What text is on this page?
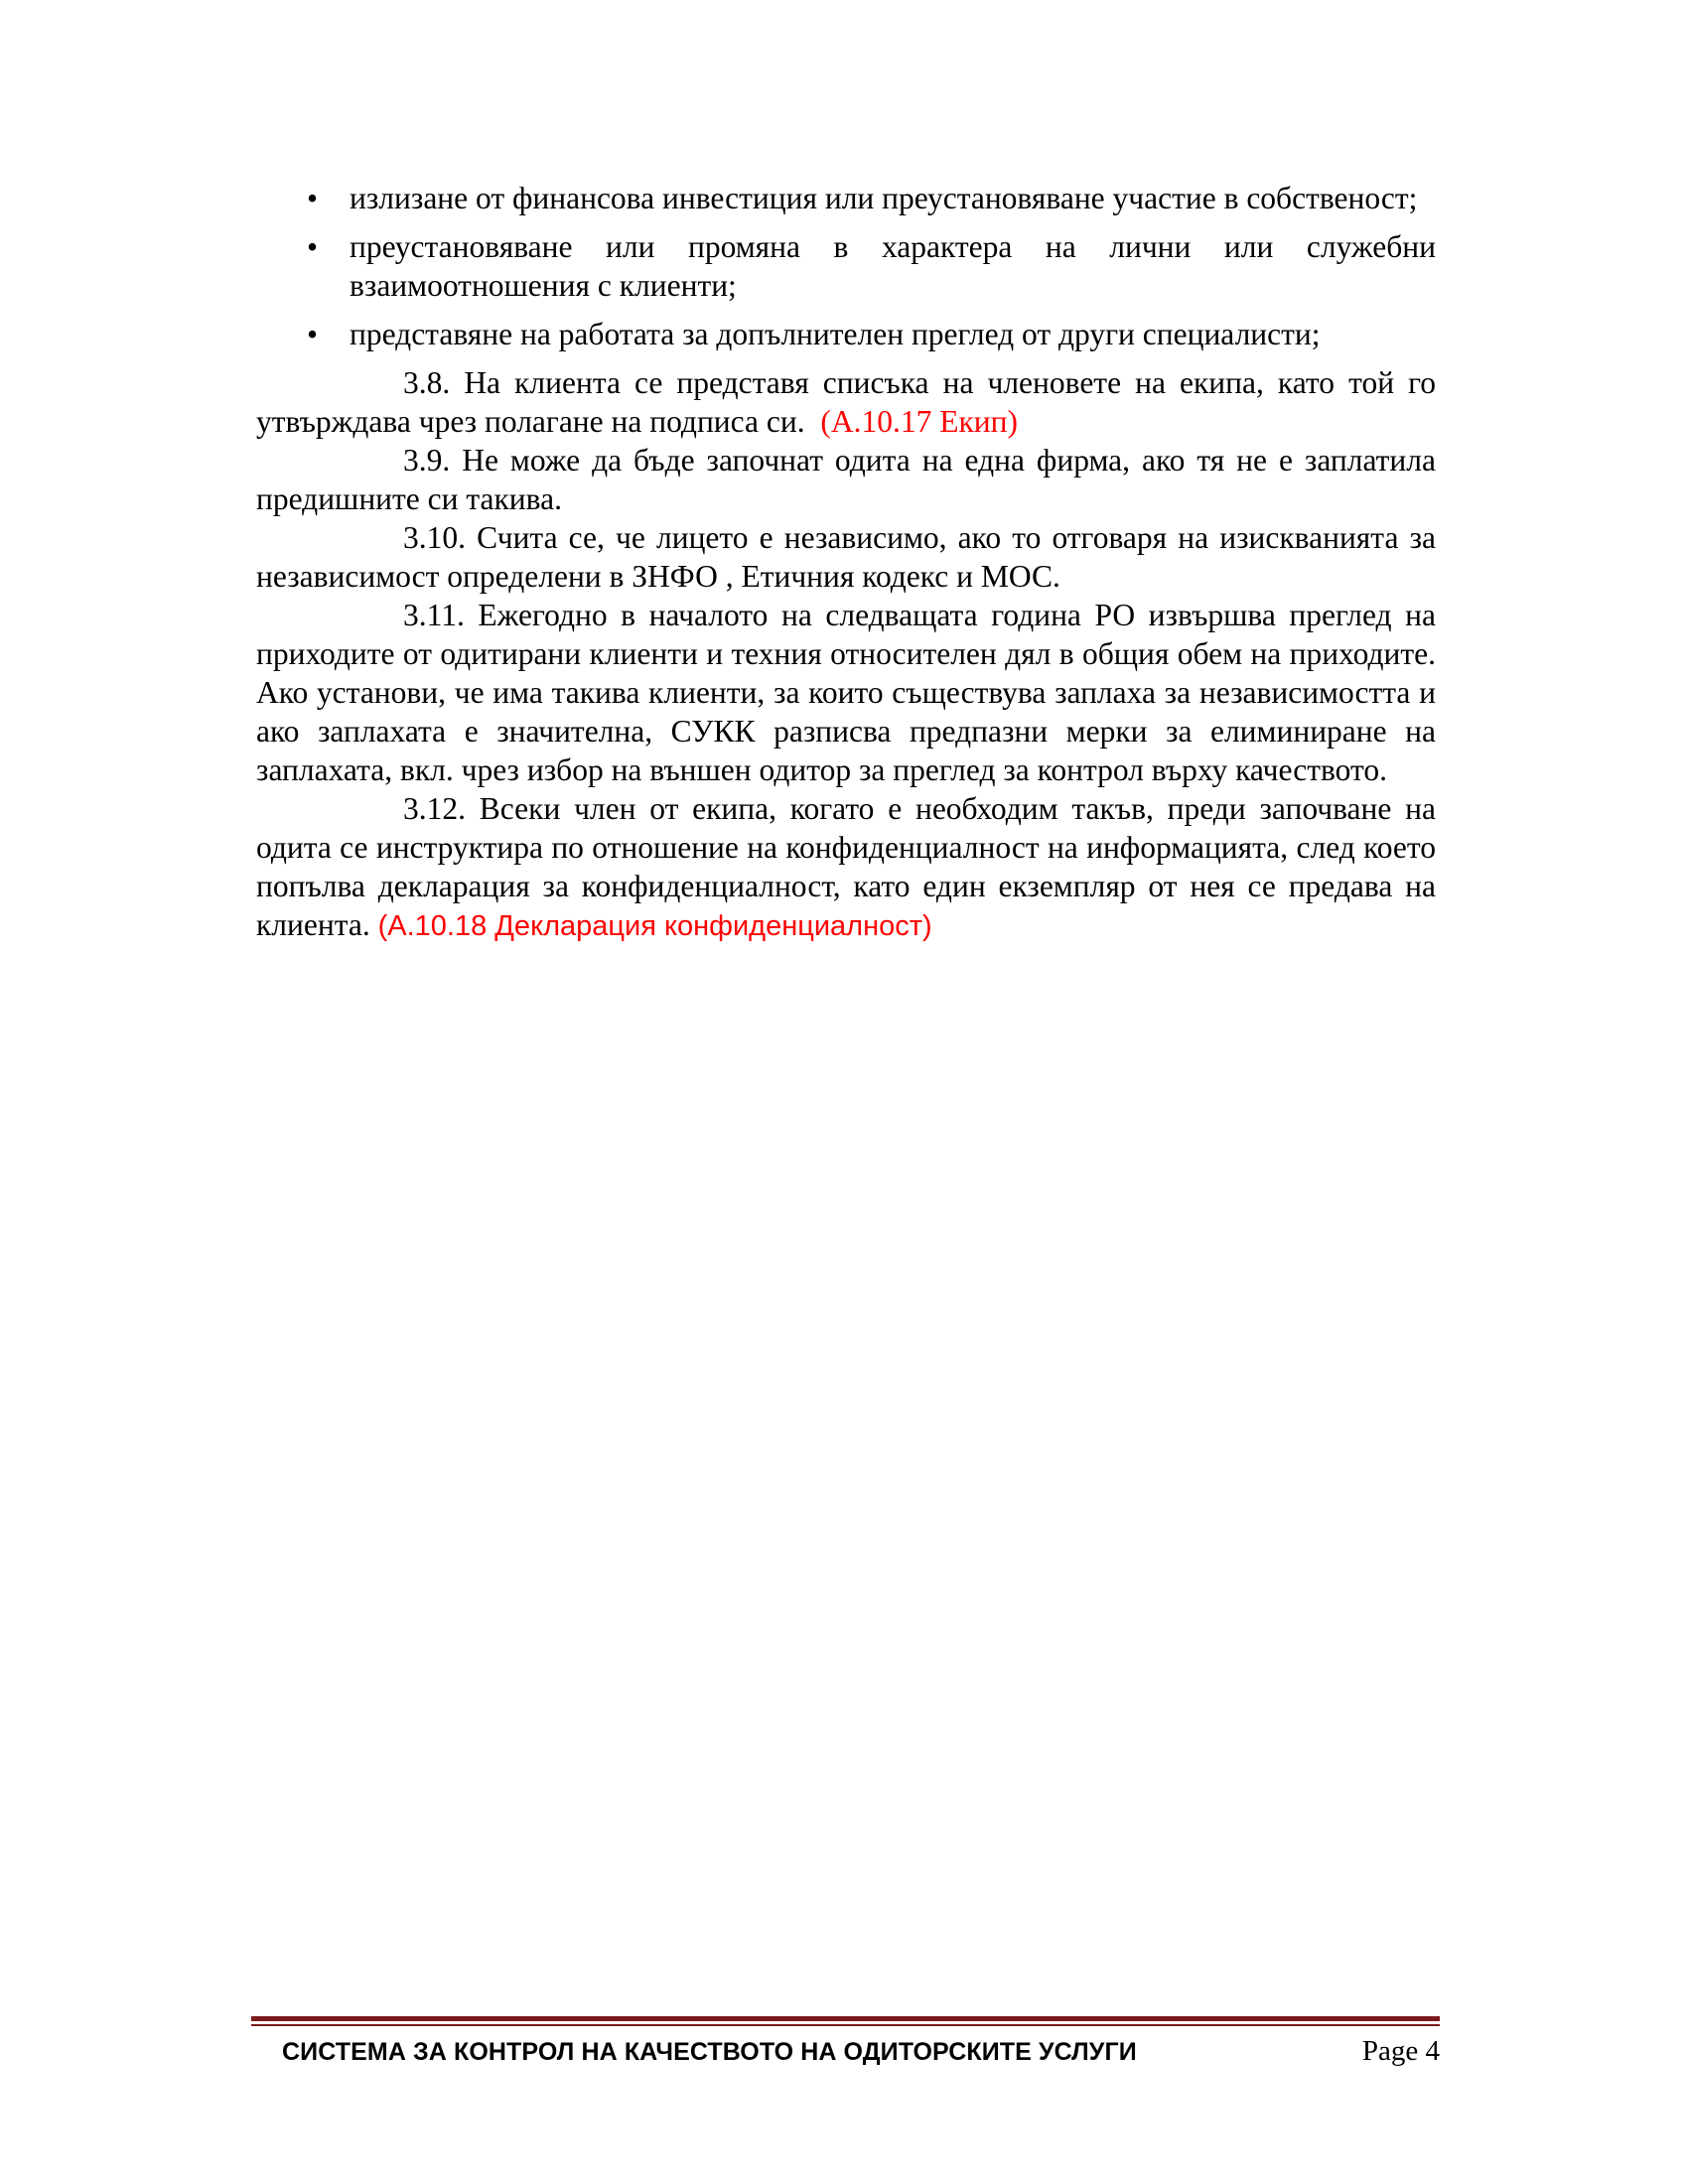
• излизане от финансова инвестиция или преустановяване участие в собственост;
• преустановяване или промяна в характера на лични или служебни взаимоотношения с клиенти;
• представяне на работата за допълнителен преглед от други специалисти;

3.8. На клиента се представя списъка на членовете на екипа, като той го утвърждава чрез полагане на подписа си. (А.10.17 Екип)

3.9. Не може да бъде започнат одита на една фирма, ако тя не е заплатила предишните си такива.

3.10. Счита се, че лицето е независимо, ако то отговаря на изискванията за независимост определени в ЗНФО , Етичния кодекс и МОС.

3.11. Ежегодно в началото на следващата година РО извършва преглед на приходите от одитирани клиенти и техния относителен дял в общия обем на приходите. Ако установи, че има такива клиенти, за които съществува заплаха за независимостта и ако заплахата е значителна, СУКК разписва предпазни мерки за елиминиране на заплахата, вкл. чрез избор на външен одитор за преглед за контрол върху качеството.

3.12. Всеки член от екипа, когато е необходим такъв, преди започване на одита се инструктира по отношение на конфиденциалност на информацията, след което попълва декларация за конфиденциалност, като един екземпляр от нея се предава на клиента. (А.10.18 Декларация конфиденциалност)

СИСТЕМА ЗА КОНТРОЛ НА КАЧЕСТВОТО НА ОДИТОРСКИТЕ УСЛУГИ	Page 4
